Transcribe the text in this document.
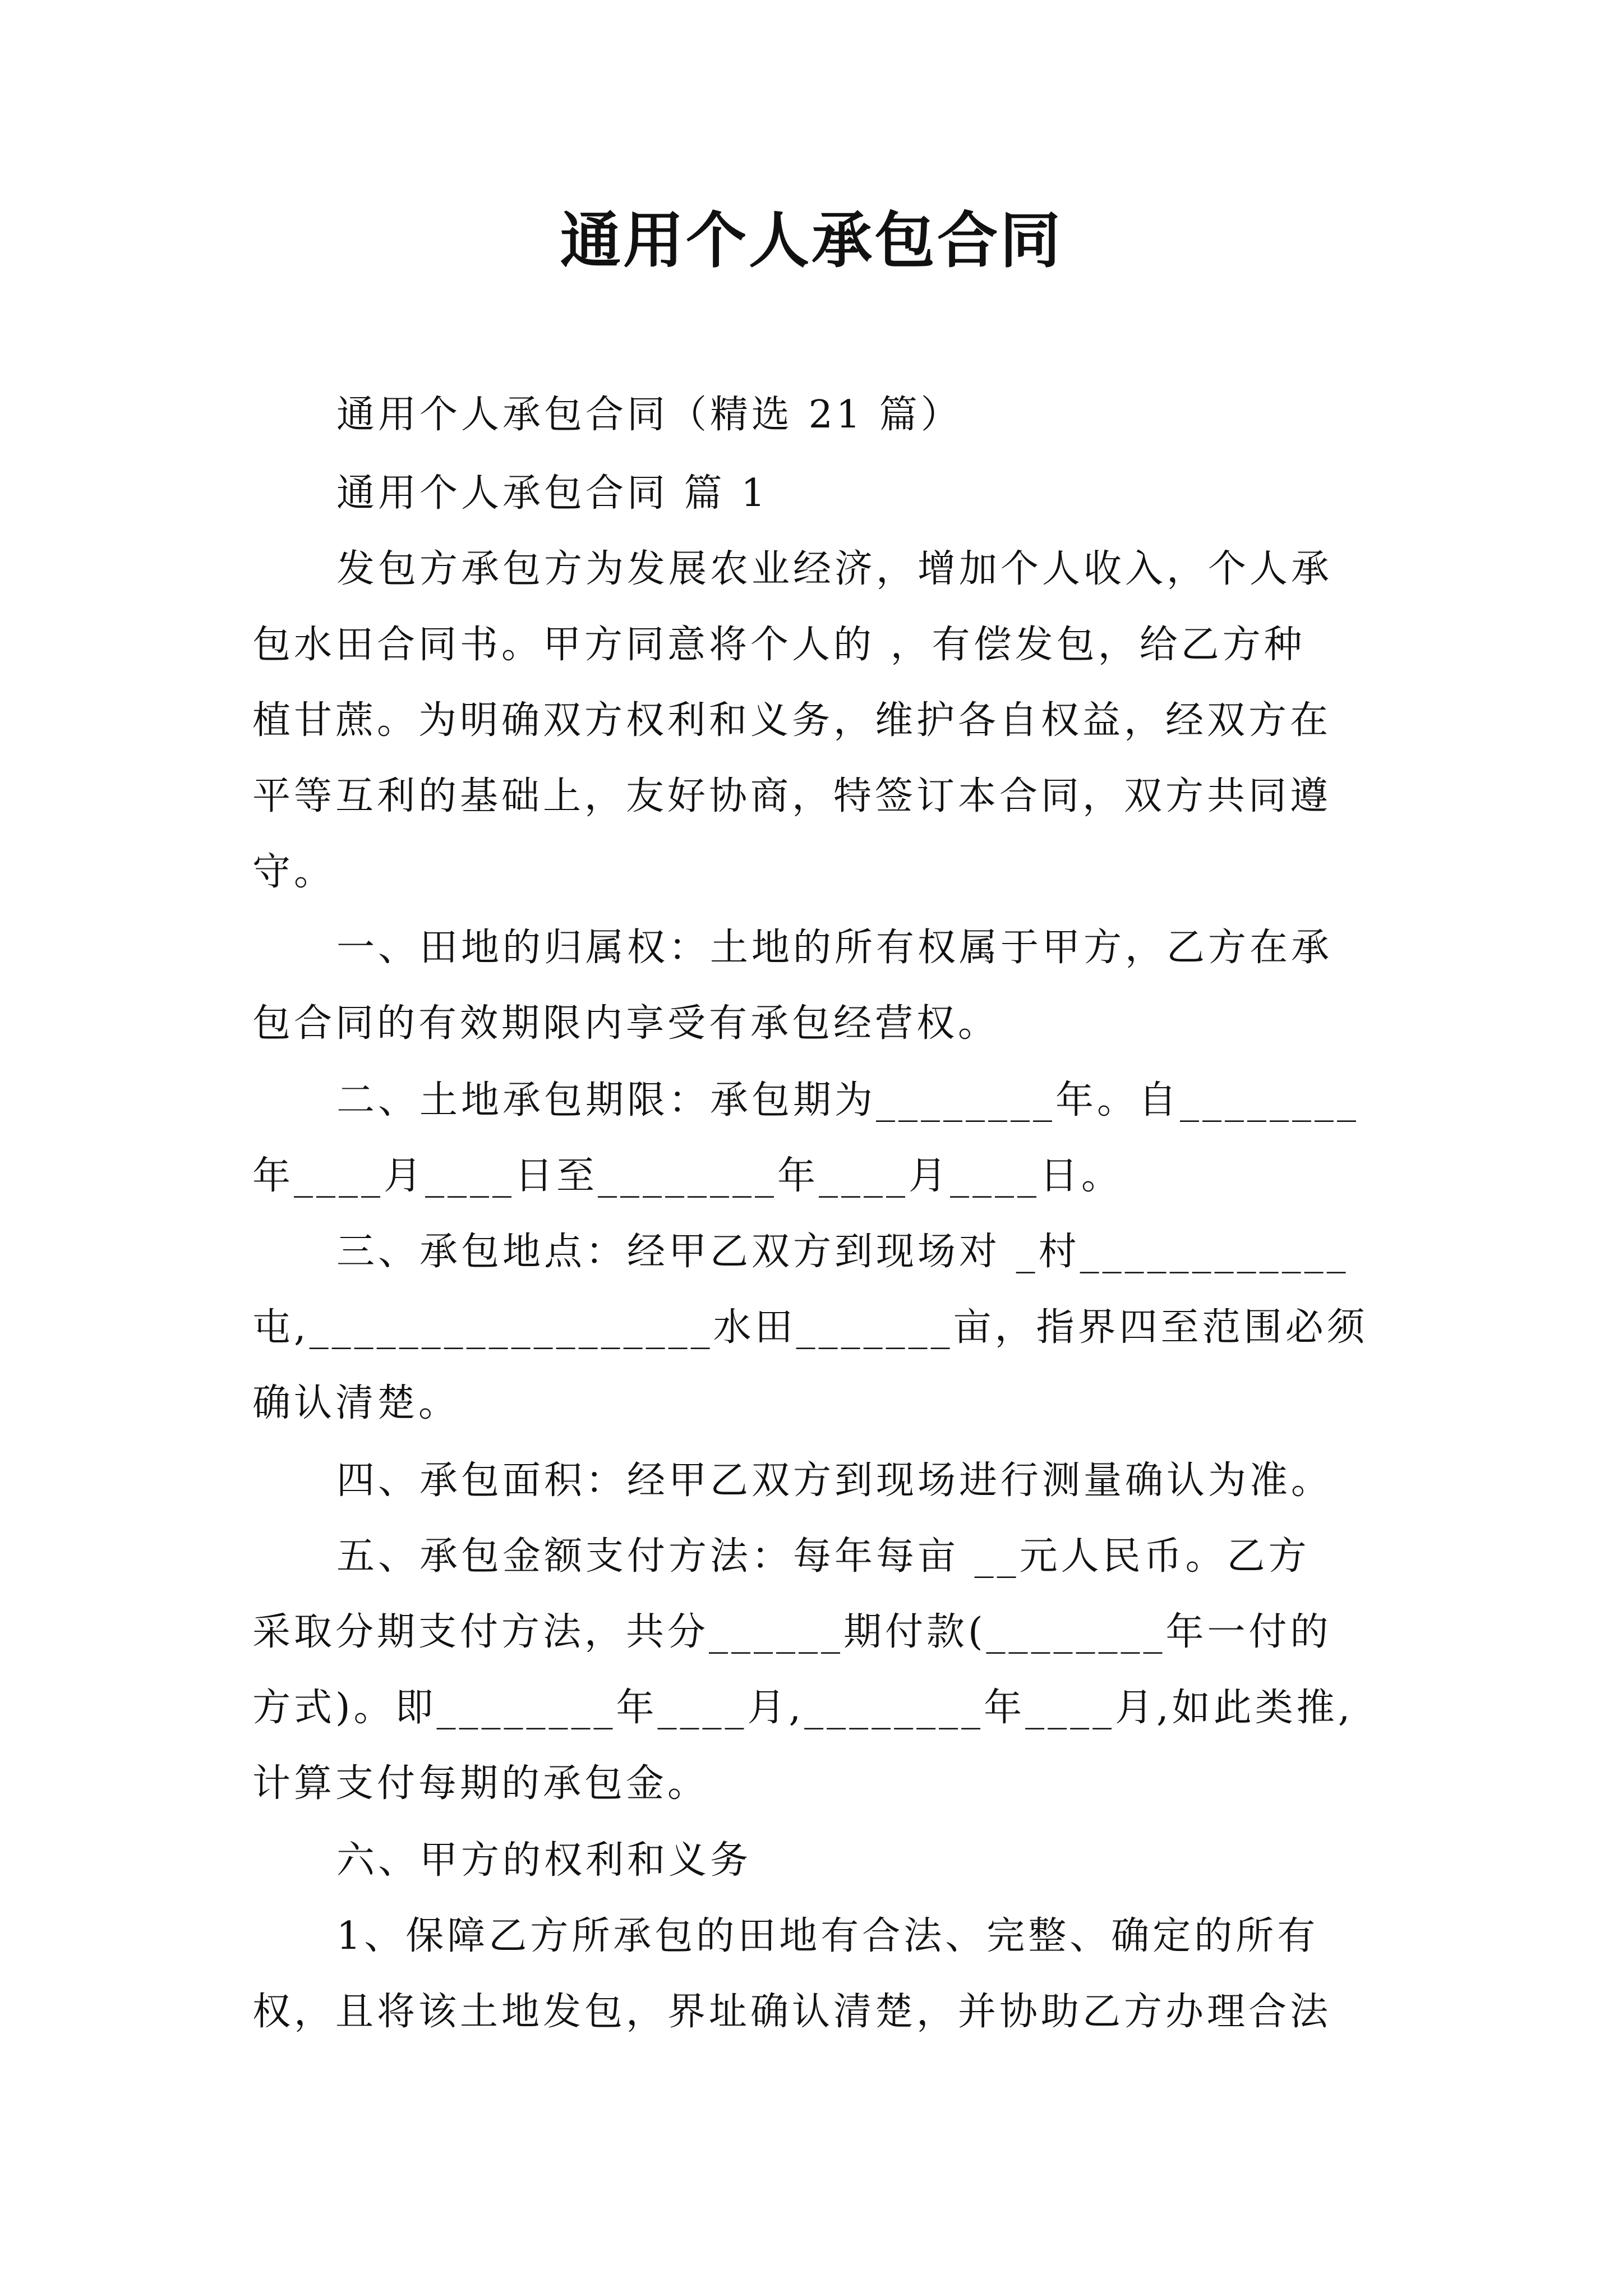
通用个人承包合同
通用个人承包合同（精选 21 篇）
通用个人承包合同 篇 1
发包方承包方为发展农业经济，增加个人收入，个人承
包水田合同书。甲方同意将个人的 ，有偿发包，给乙方种
植甘蔗。为明确双方权利和义务，维护各自权益，经双方在
平等互利的基础上，友好协商，特签订本合同，双方共同遵
守。
一、田地的归属权：土地的所有权属于甲方，乙方在承
包合同的有效期限内享受有承包经营权。
二、土地承包期限：承包期为________年。自________
年____月____日至________年____月____日。
三、承包地点：经甲乙双方到现场对 _村____________
屯,__________________水田_______亩，指界四至范围必须
确认清楚。
四、承包面积：经甲乙双方到现场进行测量确认为准。
五、承包金额支付方法：每年每亩 __元人民币。乙方
采取分期支付方法，共分______期付款(________年一付的
方式)。即________年____月,________年____月,如此类推,
计算支付每期的承包金。
六、甲方的权利和义务
1、保障乙方所承包的田地有合法、完整、确定的所有
权，且将该土地发包，界址确认清楚，并协助乙方办理合法
